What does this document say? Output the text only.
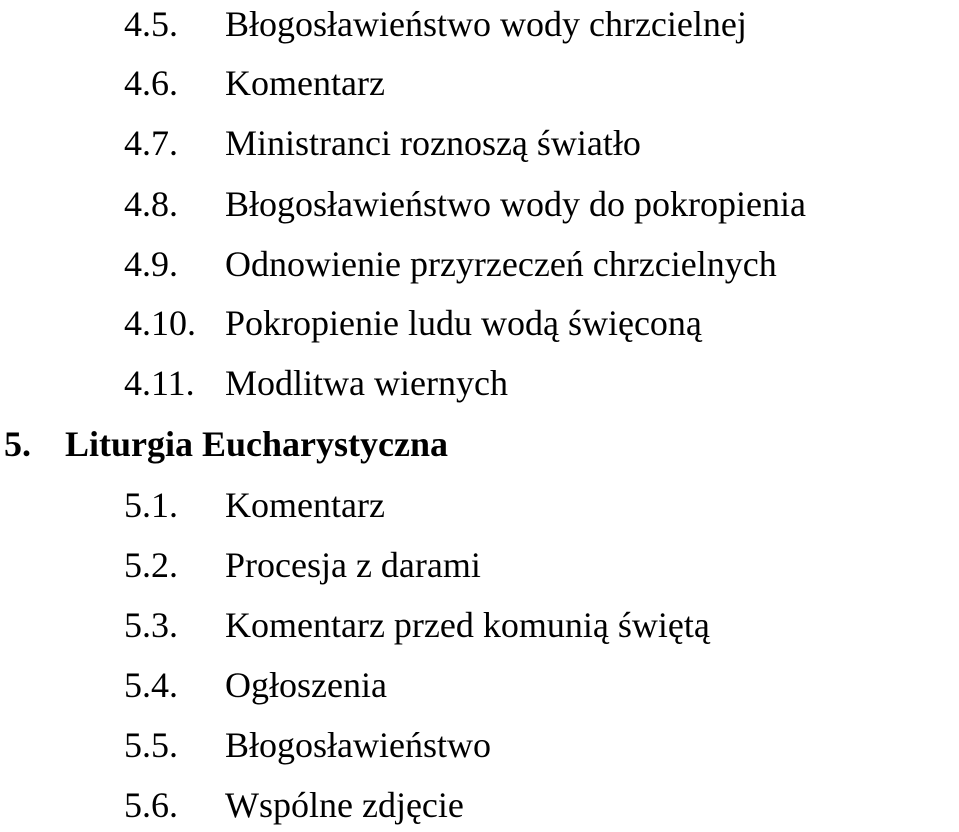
4.5. Błogosławieństwo wody chrzcielnej
4.6. Komentarz
4.7. Ministranci roznoszą światło
4.8. Błogosławieństwo wody do pokropienia
4.9. Odnowienie przyrzeczeń chrzcielnych
4.10. Pokropienie ludu wodą święconą
4.11. Modlitwa wiernych
5. Liturgia Eucharystyczna
5.1. Komentarz
5.2. Procesja z darami
5.3. Komentarz przed komunią świętą
5.4. Ogłoszenia
5.5. Błogosławieństwo
5.6. Wspólne zdjęcie
